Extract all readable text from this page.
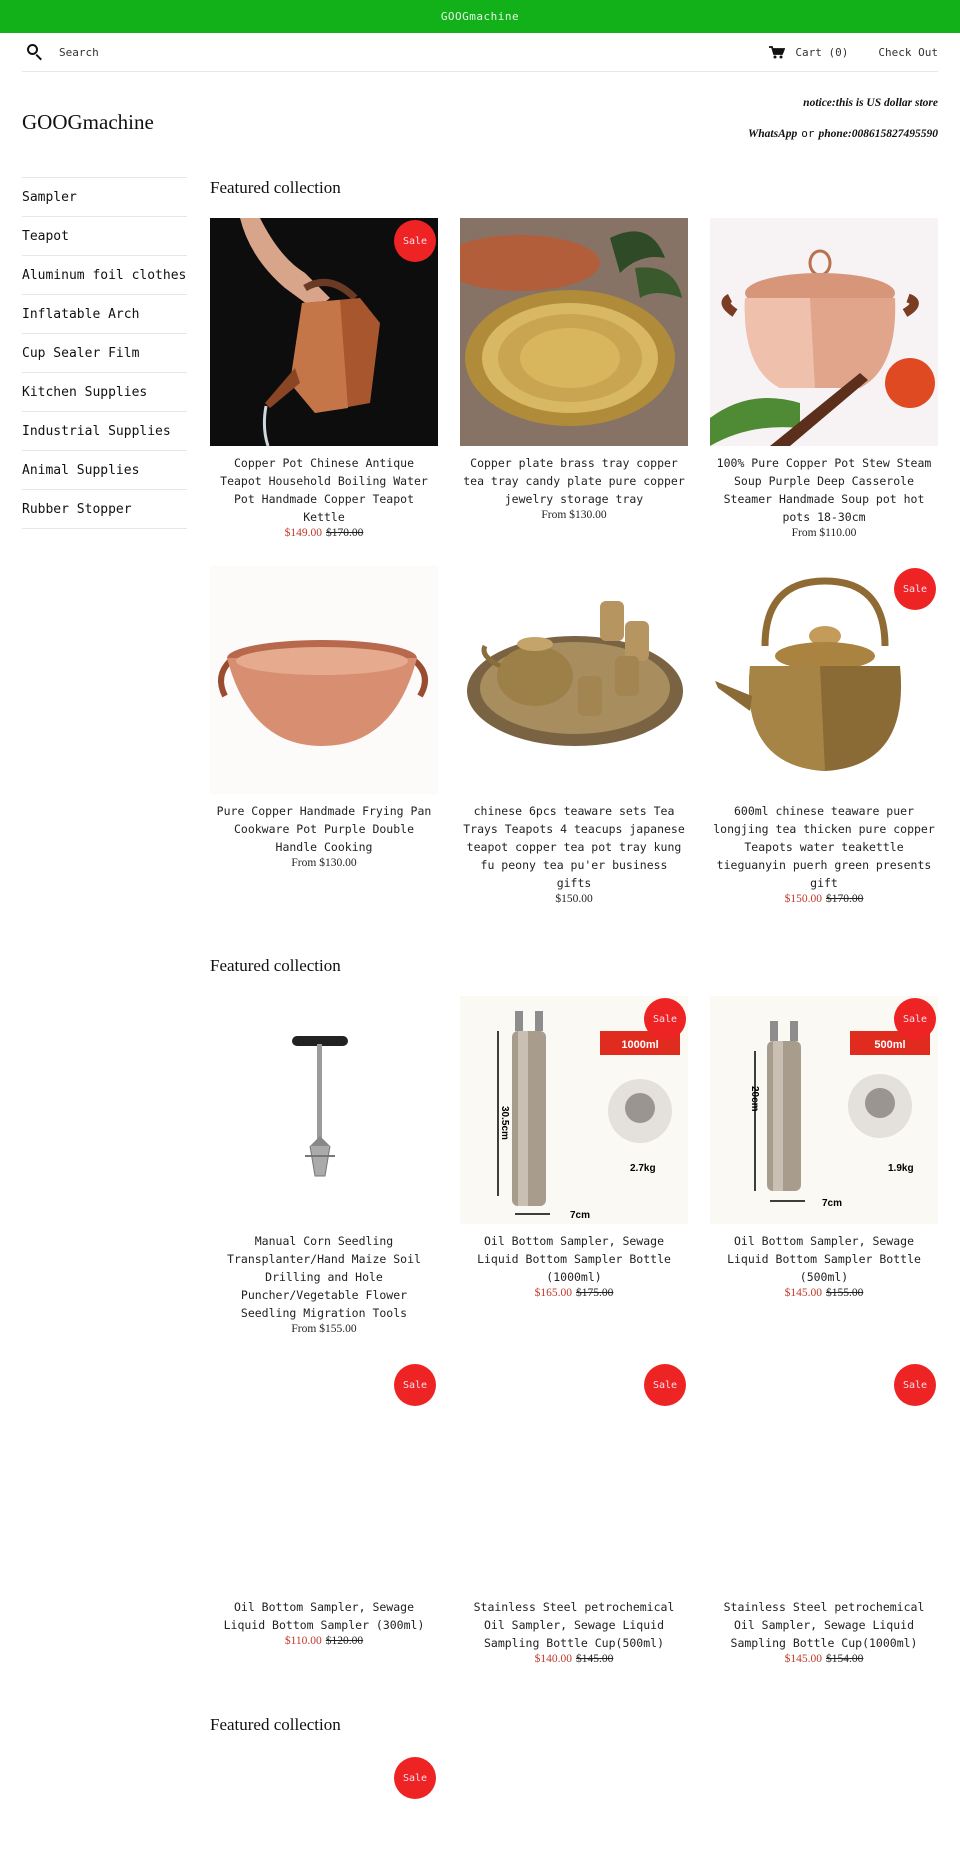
GOOGmachine
Search	Cart (0)	Check Out
GOOGmachine
notice:this is US dollar store
WhatsApp or phone:008615827495590
Sampler
Teapot
Aluminum foil clothes
Inflatable Arch
Cup Sealer Film
Kitchen Supplies
Industrial Supplies
Animal Supplies
Rubber Stopper
Featured collection
Sale
Copper Pot Chinese Antique Teapot Household Boiling Water Pot Handmade Copper Teapot Kettle
$149.00 $170.00
Copper plate brass tray copper tea tray candy plate pure copper jewelry storage tray
From $130.00
100% Pure Copper Pot Stew Steam Soup Purple Deep Casserole Steamer Handmade Soup pot hot pots 18-30cm
From $110.00
Pure Copper Handmade Frying Pan Cookware Pot Purple Double Handle Cooking
From $130.00
chinese 6pcs teaware sets Tea Trays Teapots 4 teacups japanese teapot copper tea pot tray kung fu peony tea pu'er business gifts
$150.00
Sale
600ml chinese teaware puer longjing tea thicken pure copper Teapots water teakettle tieguanyin puerh green presents gift
$150.00 $170.00
Featured collection
Manual Corn Seedling Transplanter/Hand Maize Soil Drilling and Hole Puncher/Vegetable Flower Seedling Migration Tools
From $155.00
1000ml
30.5cm
7cm
2.7kg
Sale
Oil Bottom Sampler, Sewage Liquid Bottom Sampler Bottle (1000ml)
$165.00 $175.00
500ml
20cm
7cm
1.9kg
Sale
Oil Bottom Sampler, Sewage Liquid Bottom Sampler Bottle (500ml)
$145.00 $155.00
Sale
Oil Bottom Sampler, Sewage Liquid Bottom Sampler (300ml)
$110.00 $120.00
Sale
Stainless Steel petrochemical Oil Sampler, Sewage Liquid Sampling Bottle Cup(500ml)
$140.00 $145.00
Sale
Stainless Steel petrochemical Oil Sampler, Sewage Liquid Sampling Bottle Cup(1000ml)
$145.00 $154.00
Featured collection
Sale
